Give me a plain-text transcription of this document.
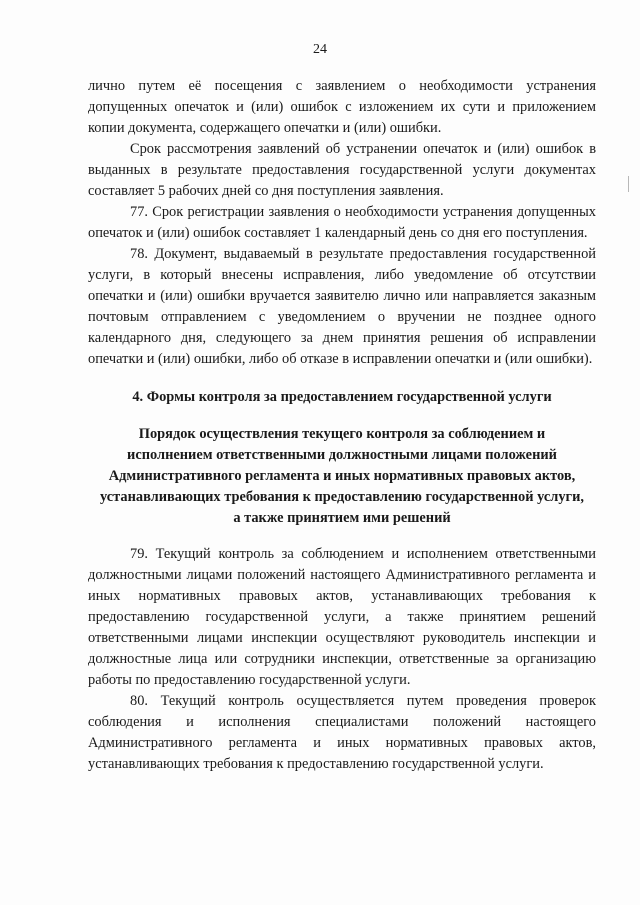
24

лично путем её посещения с заявлением о необходимости устранения допущенных опечаток и (или) ошибок с изложением их сути и приложением копии документа, содержащего опечатки и (или) ошибки.

Срок рассмотрения заявлений об устранении опечаток и (или) ошибок в выданных в результате предоставления государственной услуги документах составляет 5 рабочих дней со дня поступления заявления.

77. Срок регистрации заявления о необходимости устранения допущенных опечаток и (или) ошибок составляет 1 календарный день со дня его поступления.

78. Документ, выдаваемый в результате предоставления государственной услуги, в который внесены исправления, либо уведомление об отсутствии опечатки и (или) ошибки вручается заявителю лично или направляется заказным почтовым отправлением с уведомлением о вручении не позднее одного календарного дня, следующего за днем принятия решения об исправлении опечатки и (или) ошибки, либо об отказе в исправлении опечатки и (или ошибки).

4. Формы контроля за предоставлением государственной услуги
Порядок осуществления текущего контроля за соблюдением и исполнением ответственными должностными лицами положений Административного регламента и иных нормативных правовых актов, устанавливающих требования к предоставлению государственной услуги, а также принятием ими решений

79. Текущий контроль за соблюдением и исполнением ответственными должностными лицами положений настоящего Административного регламента и иных нормативных правовых актов, устанавливающих требования к предоставлению государственной услуги, а также принятием решений ответственными лицами инспекции осуществляют руководитель инспекции и должностные лица или сотрудники инспекции, ответственные за организацию работы по предоставлению государственной услуги.

80. Текущий контроль осуществляется путем проведения проверок соблюдения и исполнения специалистами положений настоящего Административного регламента и иных нормативных правовых актов, устанавливающих требования к предоставлению государственной услуги.
